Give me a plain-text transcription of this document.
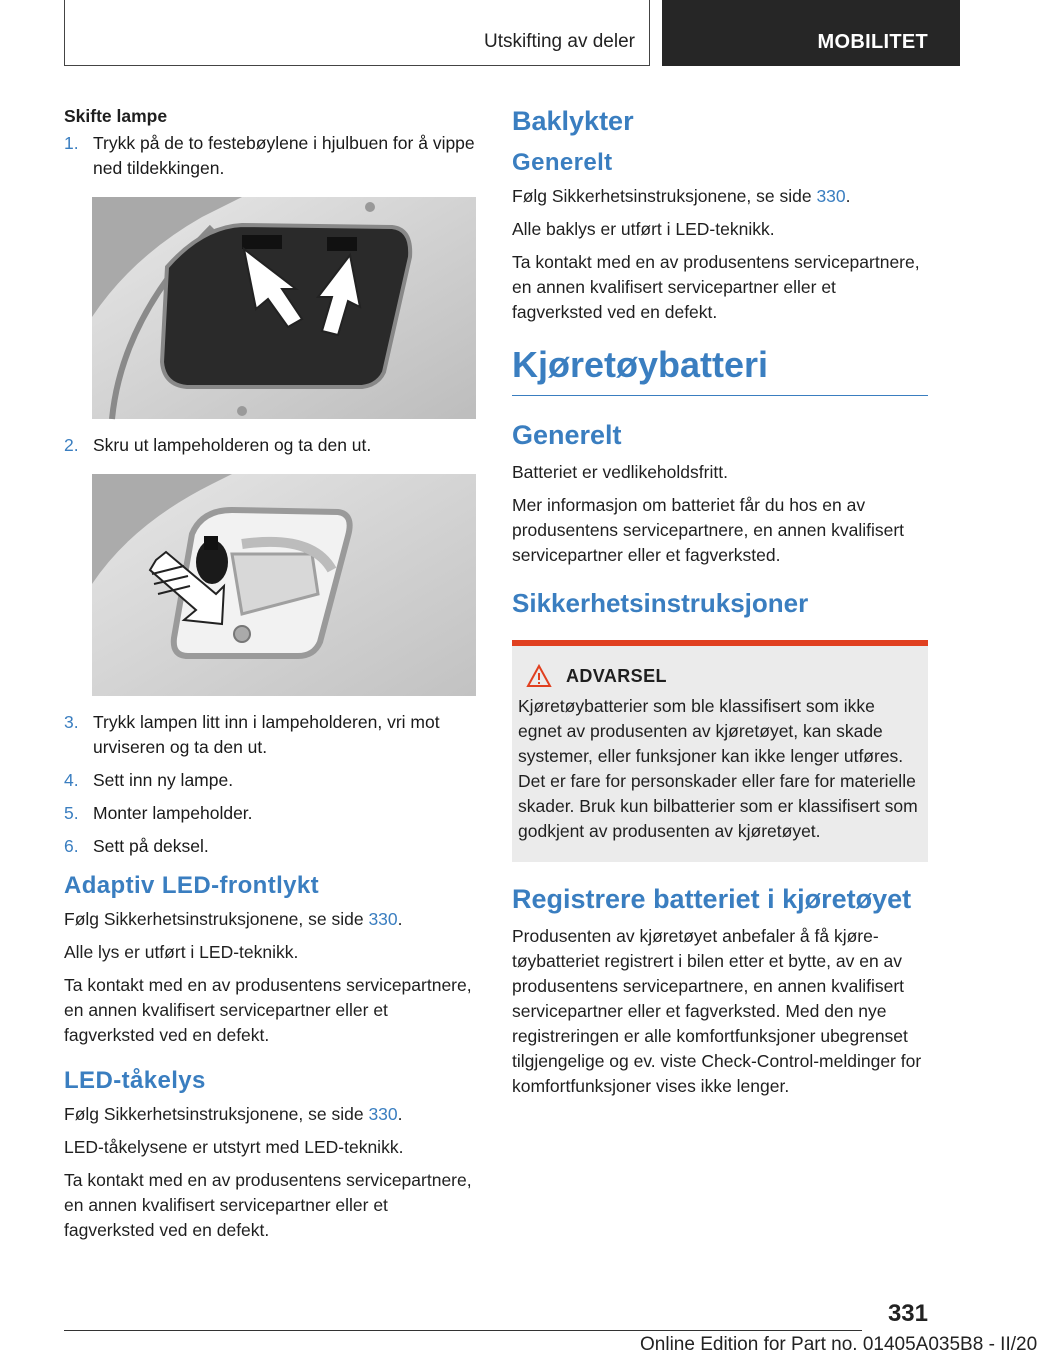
Utskifting av deler	MOBILITET
Skifte lampe
1. Trykk på de to festebøylene i hjulbuen for å vippe ned tildekkingen.
2. Skru ut lampeholderen og ta den ut.
3. Trykk lampen litt inn i lampeholderen, vri mot urviseren og ta den ut.
4. Sett inn ny lampe.
5. Monter lampeholder.
6. Sett på deksel.
Adaptiv LED-frontlykt

Følg Sikkerhetsinstruksjonene, se side 330.

Alle lys er utført i LED-teknikk.

Ta kontakt med en av produsentens servicepartnere, en annen kvalifisert servicepartner eller et fagverksted ved en defekt.

LED-tåkelys

Følg Sikkerhetsinstruksjonene, se side 330.

LED-tåkelysene er utstyrt med LED-teknikk.

Ta kontakt med en av produsentens servicepartnere, en annen kvalifisert servicepartner eller et fagverksted ved en defekt.

Baklykter
Generelt

Følg Sikkerhetsinstruksjonene, se side 330.

Alle baklys er utført i LED-teknikk.

Ta kontakt med en av produsentens servicepartnere, en annen kvalifisert servicepartner eller et fagverksted ved en defekt.

Kjøretøybatteri
Generelt

Batteriet er vedlikeholdsfritt.

Mer informasjon om batteriet får du hos en av produsentens servicepartnere, en annen kvalifisert servicepartner eller et fagverksted.

Sikkerhetsinstruksjoner
ADVARSEL

Kjøretøybatterier som ble klassifisert som ikke egnet av produsenten av kjøretøyet, kan skade systemer, eller funksjoner kan ikke lenger utføres. Det er fare for personskader eller fare for materielle skader. Bruk kun bilbatterier som er klassifisert som godkjent av produsenten av kjøretøyet.

Registrere batteriet i kjøretøyet

Produsenten av kjøretøyet anbefaler å få kjøretøybatteriet registrert i bilen etter et bytte, av en av produsentens servicepartnere, en annen kvalifisert servicepartner eller et fagverksted. Med den nye registreringen er alle komfortfunksjoner ubegrenset tilgjengelige og ev. viste Check-Control-meldinger for komfortfunksjoner vises ikke lenger.

331
Online Edition for Part no. 01405A035B8 - II/20
